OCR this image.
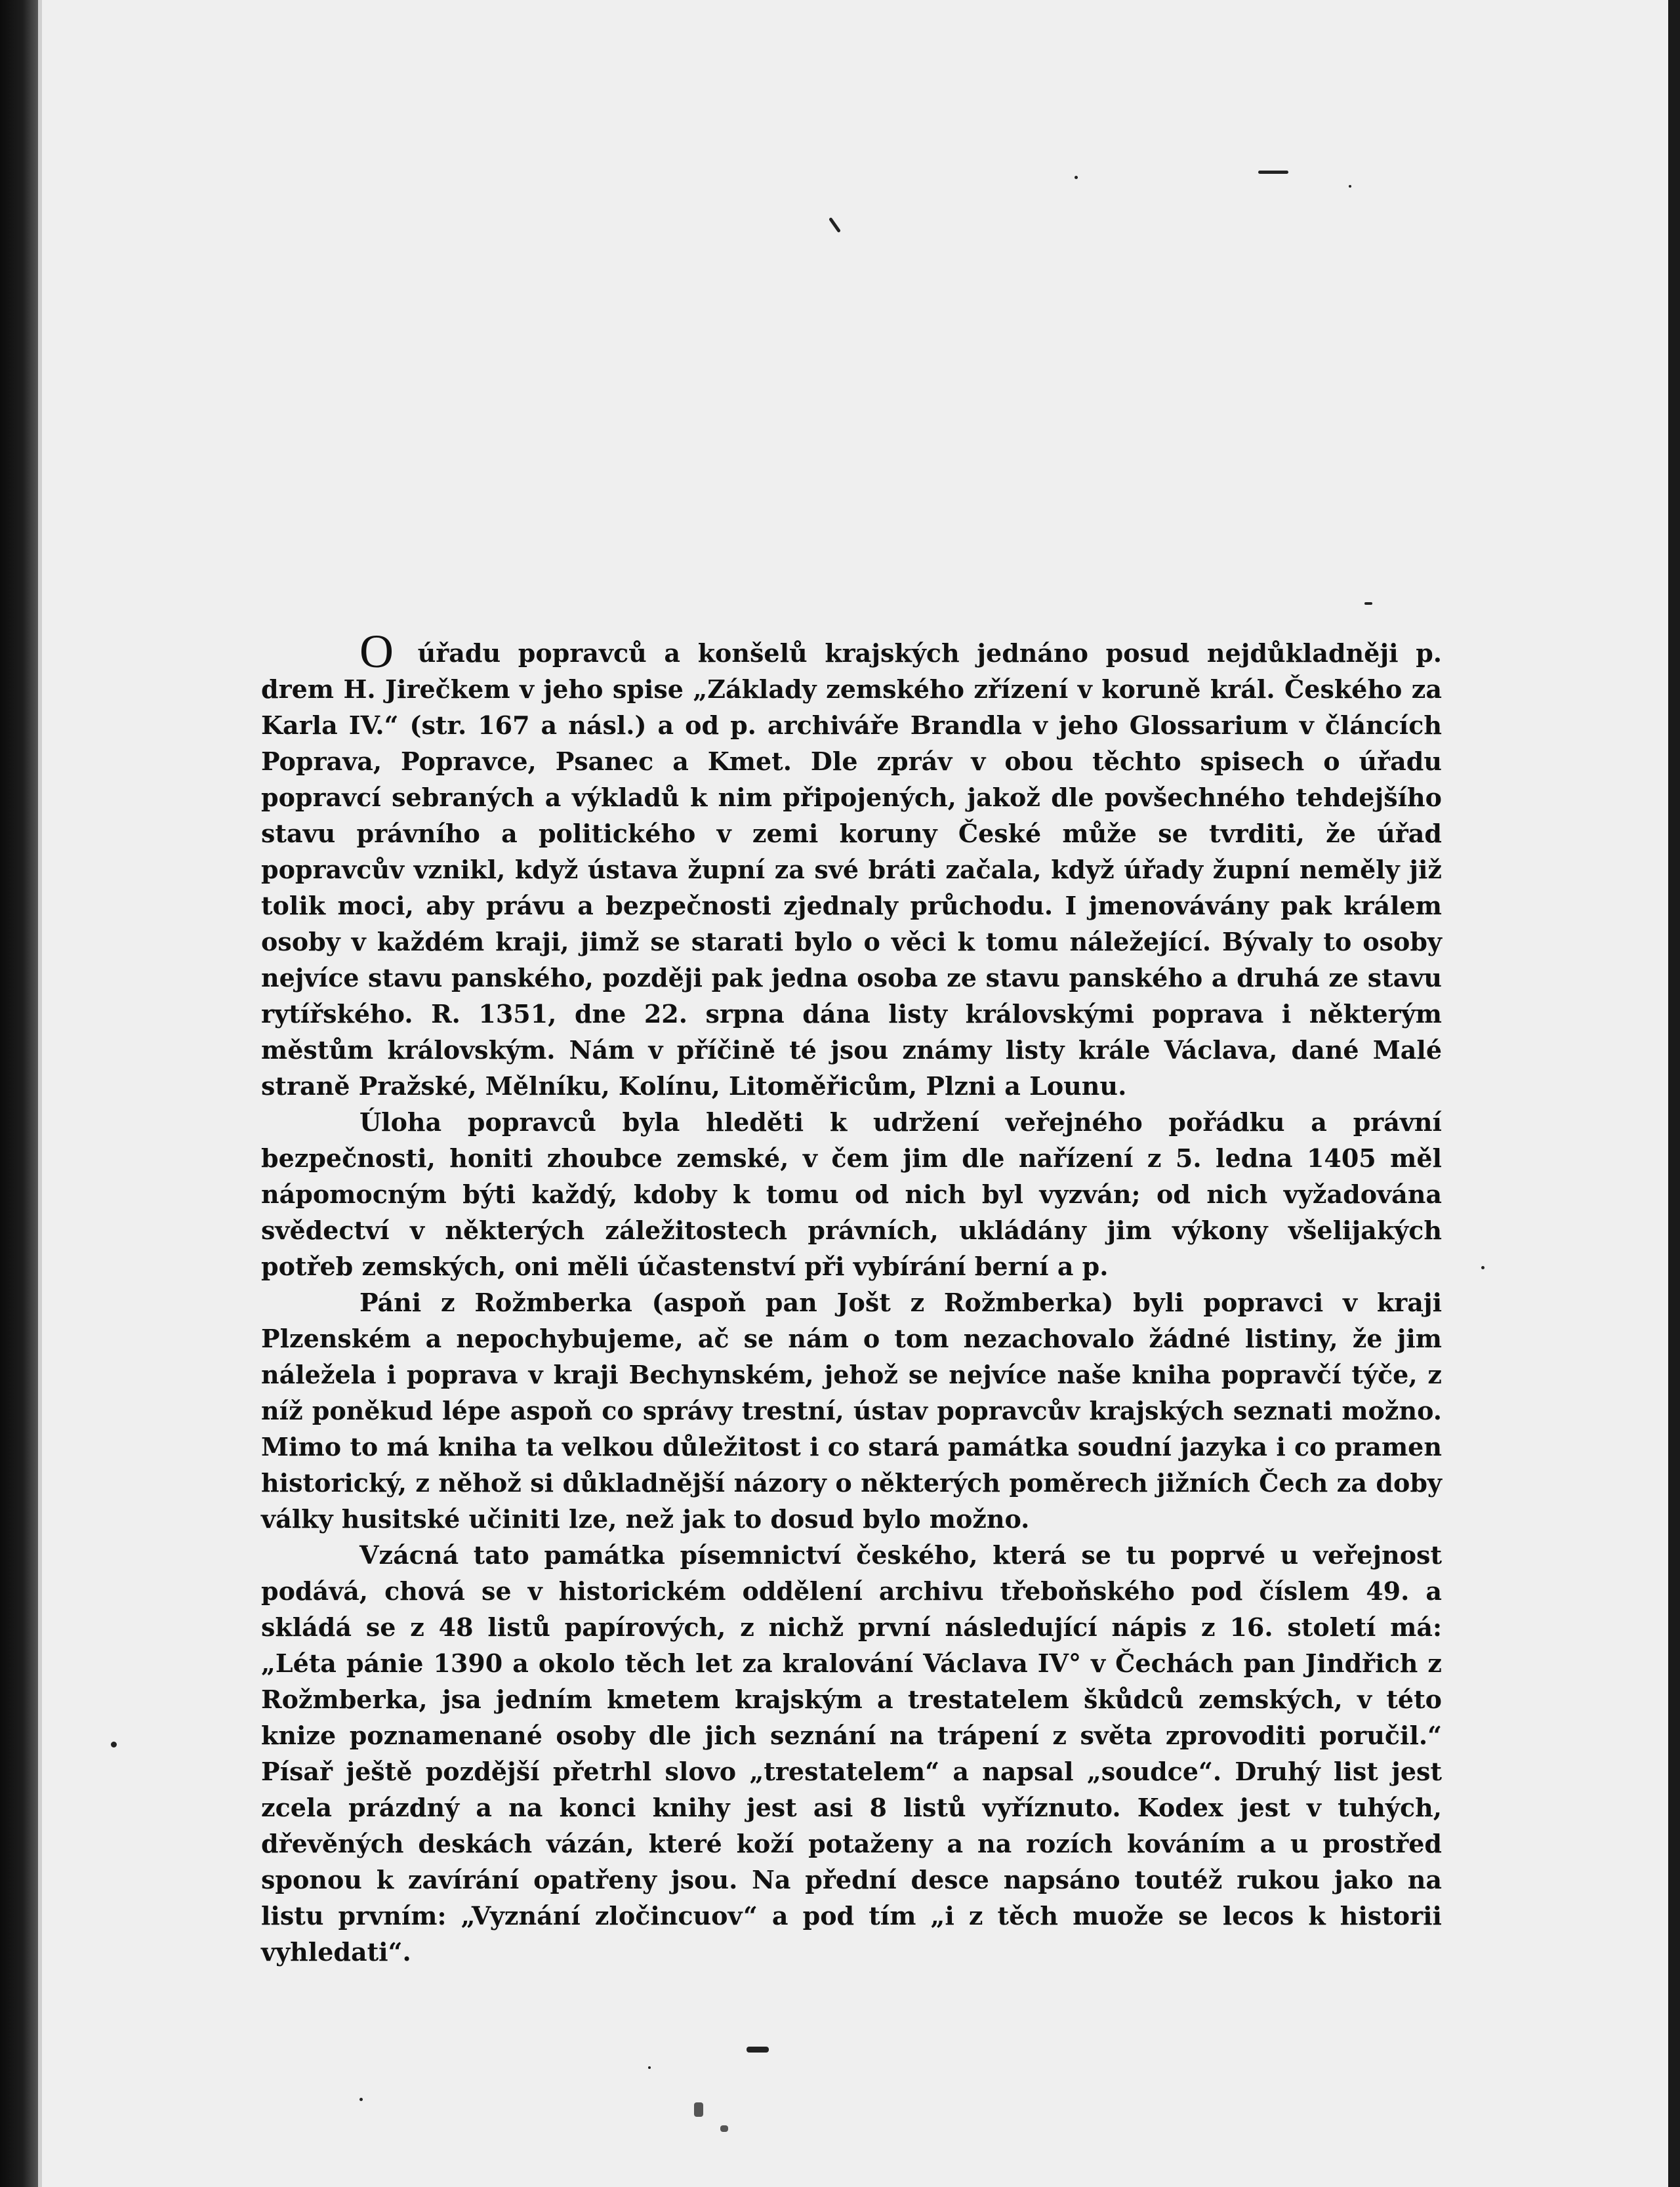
O úřadu popravců a konšelů krajských jednáno posud nejdůkladněji p. drem H. Jirečkem v jeho spise „Základy zemského zřízení v koruně král. Českého za Karla IV.“ (str. 167 a násl.) a od p. archiváře Brandla v jeho Glossarium v článcích Poprava, Popravce, Psanec a Kmet. Dle zpráv v obou těchto spisech o úřadu popravcí sebraných a výkladů k nim připojených, jakož dle povšechného tehdejšího stavu právního a politického v zemi koruny České může se tvrditi, že úřad popravcův vznikl, když ústava župní za své bráti začala, když úřady župní neměly již tolik moci, aby právu a bezpečnosti zjednaly průchodu. I jmenovávány pak králem osoby v každém kraji, jimž se starati bylo o věci k tomu náležející. Bývaly to osoby nejvíce stavu panského, později pak jedna osoba ze stavu panského a druhá ze stavu rytířského. R. 1351, dne 22. srpna dána listy královskými poprava i některým městům královským. Nám v příčině té jsou známy listy krále Václava, dané Malé straně Pražské, Mělníku, Kolínu, Litoměřicům, Plzni a Lounu.

Úloha popravců byla hleděti k udržení veřejného pořádku a právní bezpečnosti, honiti zhoubce zemské, v čem jim dle nařízení z 5. ledna 1405 měl nápomocným býti každý, kdoby k tomu od nich byl vyzván; od nich vyžadována svědectví v některých záležitostech právních, ukládány jim výkony všelijakých potřeb zemských, oni měli účastenství při vybírání berní a p.

Páni z Rožmberka (aspoň pan Jošt z Rožmberka) byli popravci v kraji Plzenském a nepochybujeme, ač se nám o tom nezachovalo žádné listiny, že jim náležela i poprava v kraji Bechynském, jehož se nejvíce naše kniha popravčí týče, z níž poněkud lépe aspoň co správy trestní, ústav popravcův krajských seznati možno. Mimo to má kniha ta velkou důležitost i co stará památka soudní jazyka i co pramen historický, z něhož si důkladnější názory o některých poměrech jižních Čech za doby války husitské učiniti lze, než jak to dosud bylo možno.

Vzácná tato památka písemnictví českého, která se tu poprvé u veřejnost podává, chová se v historickém oddělení archivu třeboňského pod číslem 49. a skládá se z 48 listů papírových, z nichž první následující nápis z 16. století má: „Léta pánie 1390 a okolo těch let za kralování Václava IV° v Čechách pan Jindřich z Rožmberka, jsa jedním kmetem krajským a trestatelem škůdců zemských, v této knize poznamenané osoby dle jich seznání na trápení z světa zprovoditi poručil.“ Písař ještě pozdější přetrhl slovo „trestatelem“ a napsal „soudce“. Druhý list jest zcela prázdný a na konci knihy jest asi 8 listů vyříznuto. Kodex jest v tuhých, dřevěných deskách vázán, které koží potaženy a na rozích kováním a u prostřed sponou k zavírání opatřeny jsou. Na přední desce napsáno toutéž rukou jako na listu prvním: „Vyznání zločincuov“ a pod tím „i z těch muože se lecos k historii vyhledati“.
